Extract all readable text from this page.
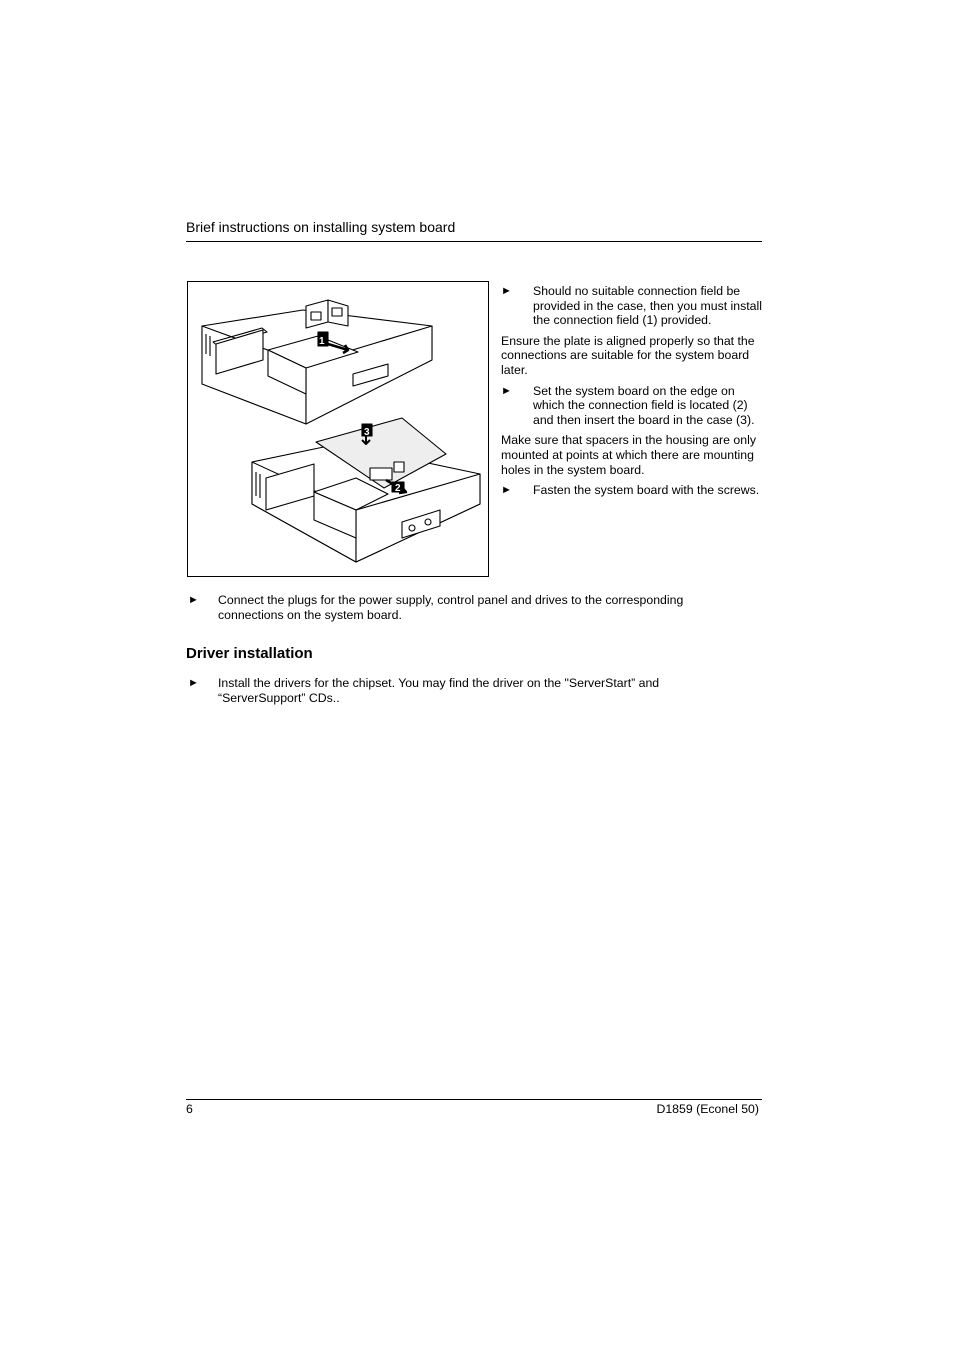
Brief instructions on installing system board
1
2
3
► Should no suitable connection field be provided in the case, then you must install the connection field (1) provided.
Ensure the plate is aligned properly so that the connections are suitable for the system board later.
► Set the system board on the edge on which the connection field is located (2) and then insert the board in the case (3).
Make sure that spacers in the housing are only mounted at points at which there are mounting holes in the system board.
► Fasten the system board with the screws.
► Connect the plugs for the power supply, control panel and drives to the corresponding connections on the system board.
Driver installation
► Install the drivers for the chipset. You may find the driver on the "ServerStart” and “ServerSupport” CDs..
6	D1859 (Econel 50)
